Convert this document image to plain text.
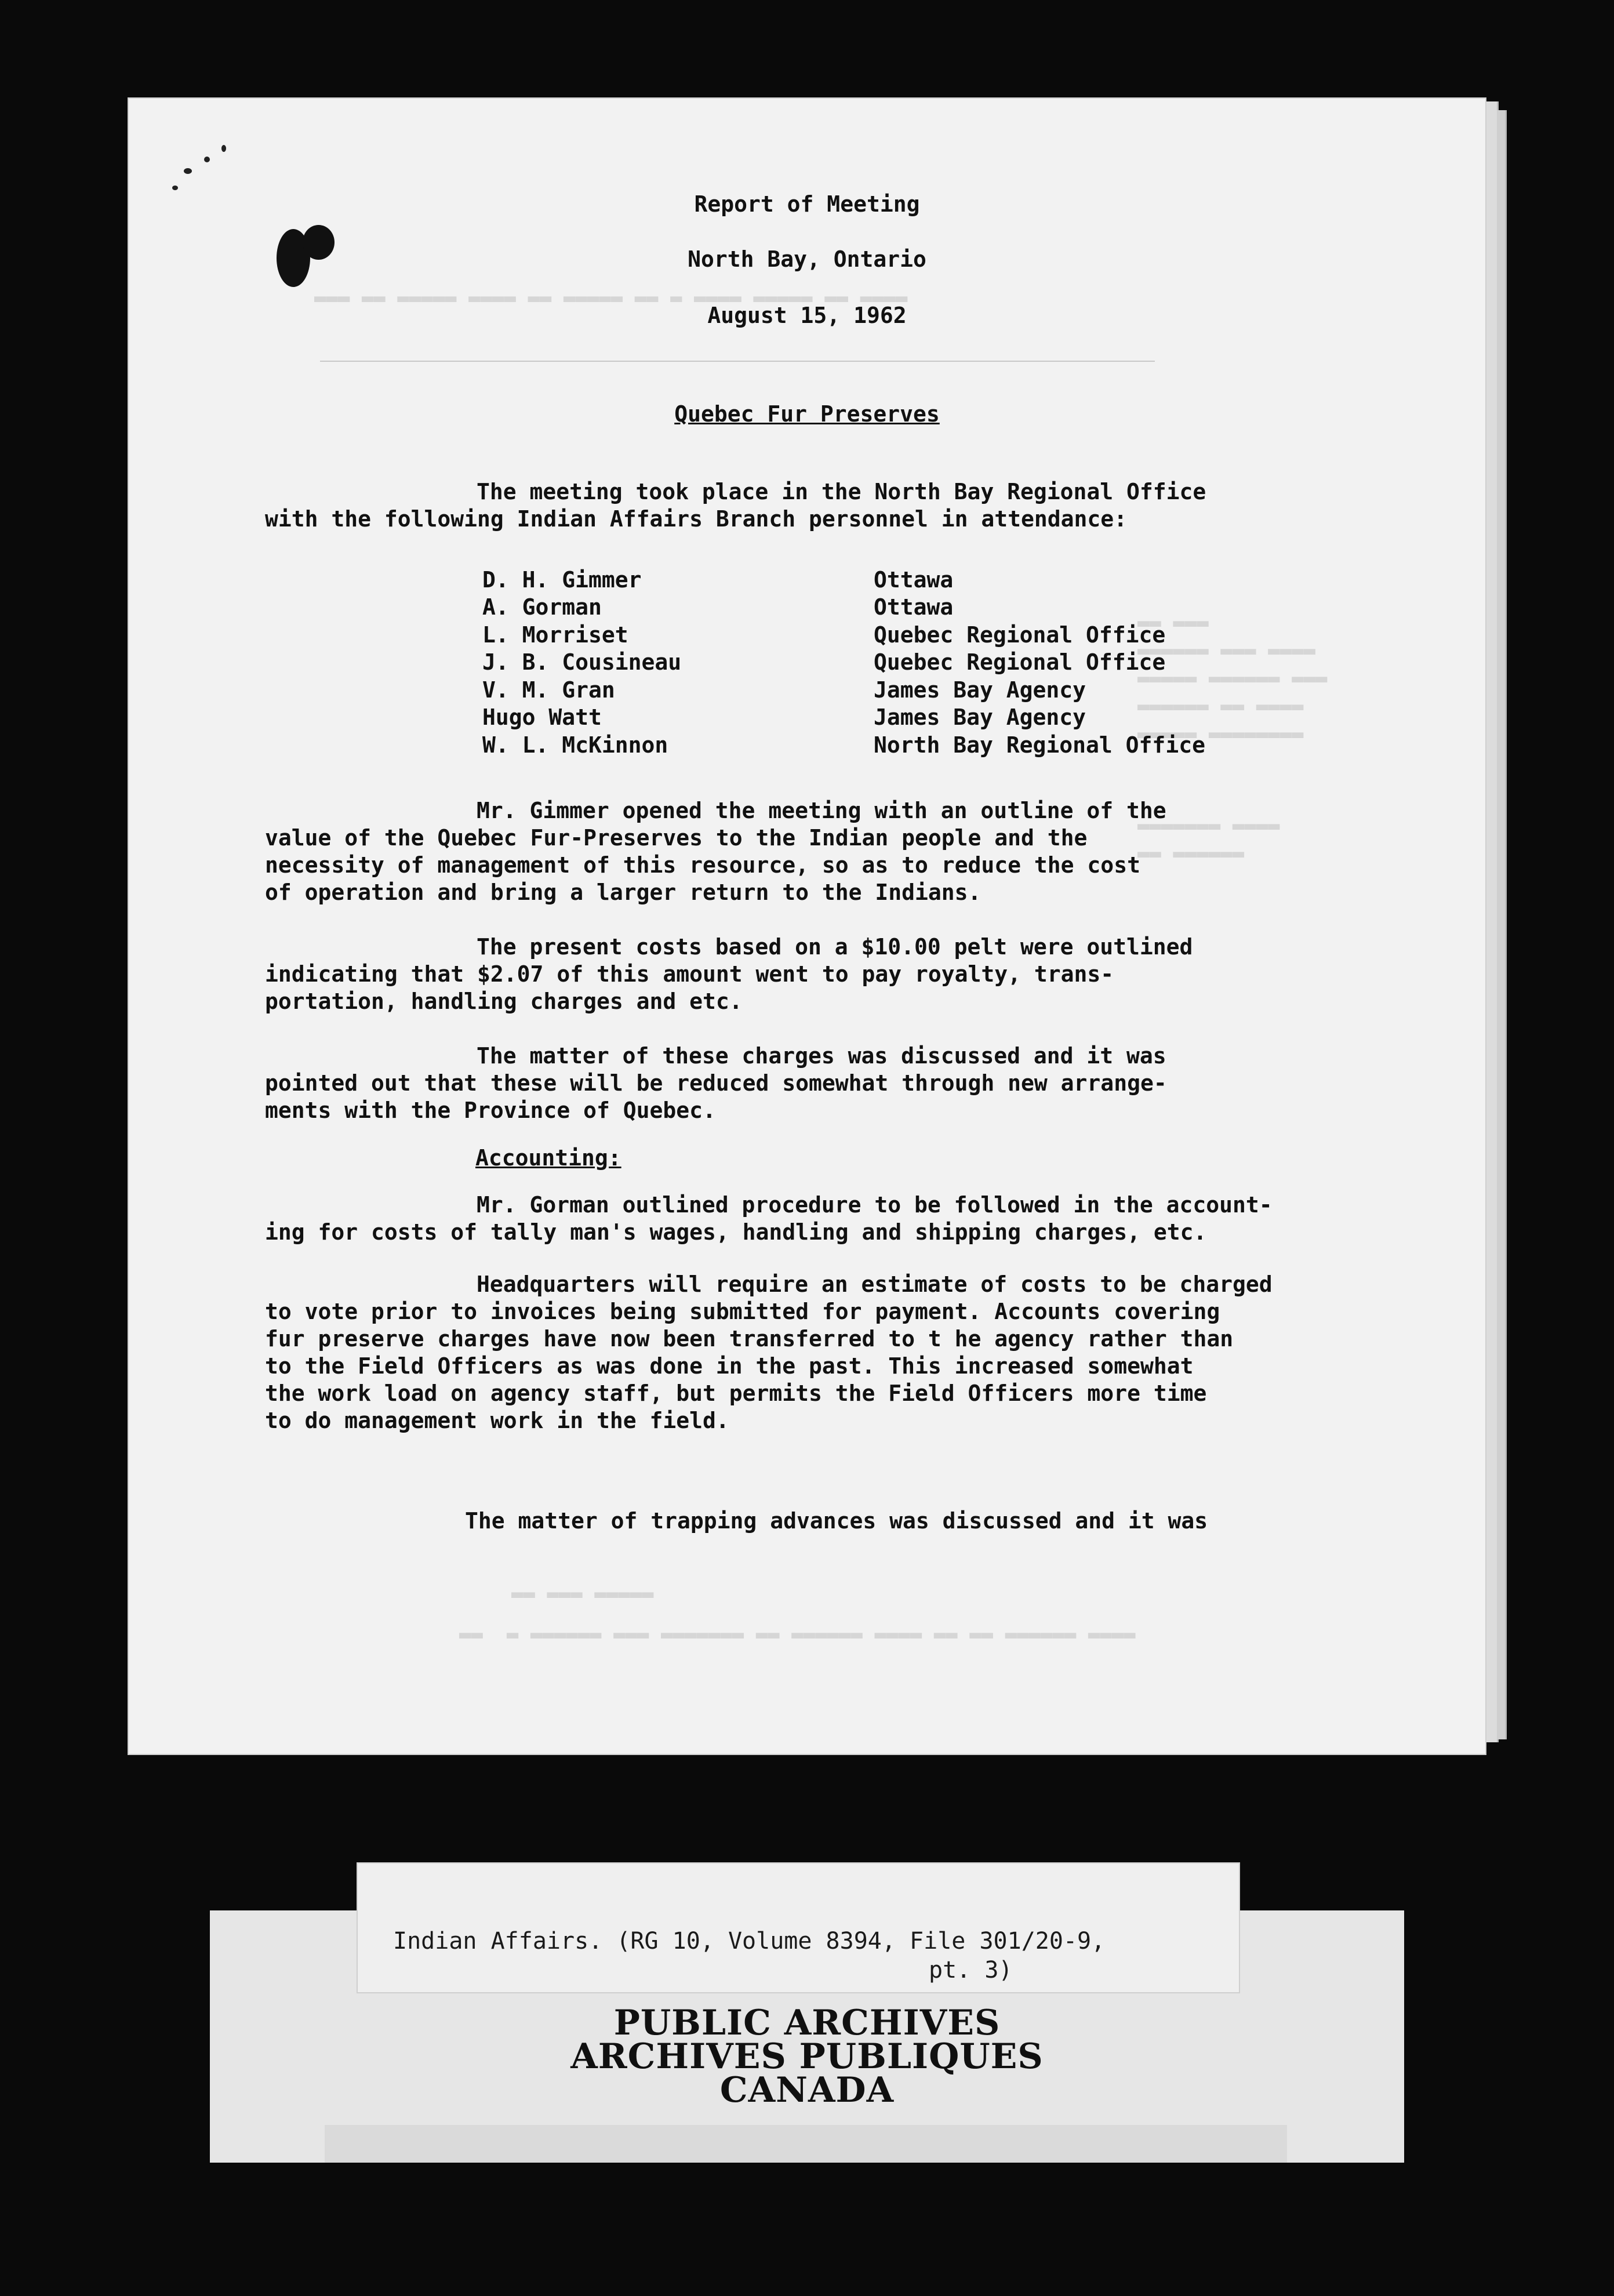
▬▬▬ ▬▬ ▬▬▬▬▬ ▬▬▬▬ ▬▬ ▬▬▬▬▬ ▬▬ ▬ ▬▬▬▬ ▬▬▬▬▬ ▬▬ ▬▬▬▬
▬▬ ▬▬▬
▬▬▬▬▬▬ ▬▬▬ ▬▬▬▬
▬▬▬▬▬ ▬▬▬▬▬▬ ▬▬▬
▬▬▬▬▬▬ ▬▬ ▬▬▬▬
▬▬▬▬▬ ▬▬▬▬▬▬▬▬
▬▬▬▬▬▬▬ ▬▬▬▬
▬▬ ▬▬▬▬▬▬
Report of Meeting
North Bay, Ontario
August 15, 1962
Quebec Fur Preserves
The meeting took place in the North Bay Regional Office
with the following Indian Affairs Branch personnel in attendance:
D. H. Gimmer	Ottawa
A. Gorman	Ottawa
L. Morriset	Quebec Regional Office
J. B. Cousineau	Quebec Regional Office
V. M. Gran	James Bay Agency
Hugo Watt	James Bay Agency
W. L. McKinnon	North Bay Regional Office
Mr. Gimmer opened the meeting with an outline of the
value of the Quebec Fur-Preserves to the Indian people and the
necessity of management of this resource, so as to reduce the cost
of operation and bring a larger return to the Indians.
The present costs based on a $10.00 pelt were outlined
indicating that $2.07 of this amount went to pay royalty, trans-
portation, handling charges and etc.
The matter of these charges was discussed and it was
pointed out that these will be reduced somewhat through new arrange-
ments with the Province of Quebec.
Accounting:
Mr. Gorman outlined procedure to be followed in the account-
ing for costs of tally man's wages, handling and shipping charges, etc.
Headquarters will require an estimate of costs to be charged
to vote prior to invoices being submitted for payment. Accounts covering
fur preserve charges have now been transferred to t he agency rather than
to the Field Officers as was done in the past. This increased somewhat
the work load on agency staff, but permits the Field Officers more time
to do management work in the field.
The matter of trapping advances was discussed and it was
▬▬ ▬▬▬ ▬▬▬▬▬
▬▬  ▬ ▬▬▬▬▬▬ ▬▬▬ ▬▬▬▬▬▬▬ ▬▬ ▬▬▬▬▬▬ ▬▬▬▬ ▬▬ ▬▬ ▬▬▬▬▬▬ ▬▬▬▬
Indian Affairs. (RG 10, Volume 8394, File 301/20-9,
pt. 3)
PUBLIC ARCHIVES
ARCHIVES PUBLIQUES
CANADA
